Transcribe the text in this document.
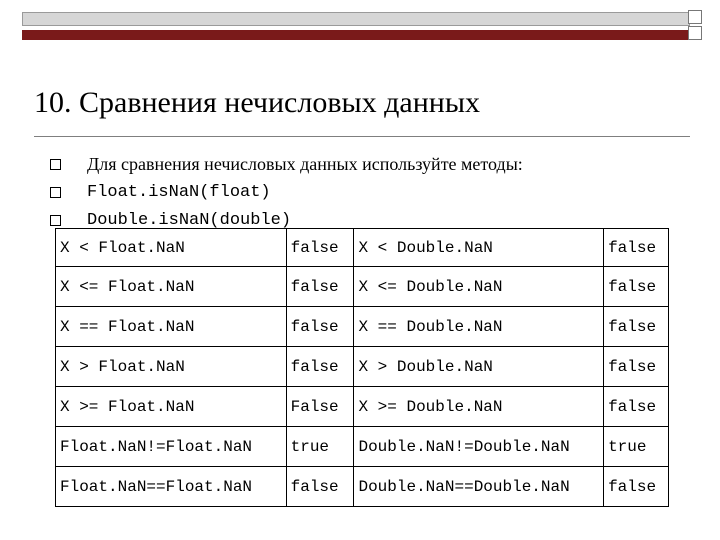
10. Сравнения нечисловых данных
Для сравнения нечисловых данных используйте методы:
Float.isNaN(float)
Double.isNaN(double)
X < Float.NaN	false	X < Double.NaN	false
X <= Float.NaN	false	X <= Double.NaN	false
X == Float.NaN	false	X == Double.NaN	false
X > Float.NaN	false	X > Double.NaN	false
X >= Float.NaN	False	X >= Double.NaN	false
Float.NaN!=Float.NaN	true	Double.NaN!=Double.NaN	true
Float.NaN==Float.NaN	false	Double.NaN==Double.NaN	false
